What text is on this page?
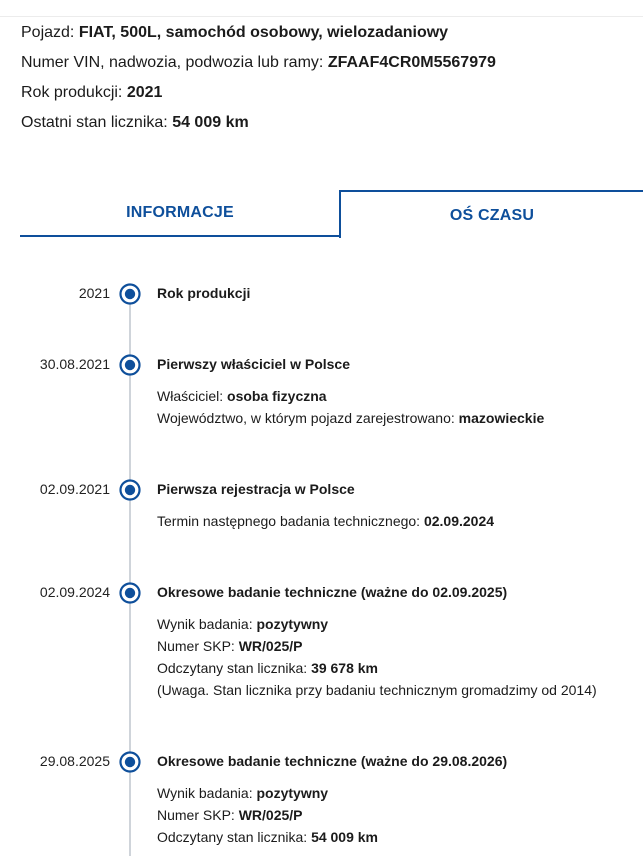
Pojazd: FIAT, 500L, samochód osobowy, wielozadaniowy
Numer VIN, nadwozia, podwozia lub ramy: ZFAAF4CR0M5567979
Rok produkcji: 2021
Ostatni stan licznika: 54 009 km
INFORMACJE	OŚ CZASU
2021	Rok produkcji
30.08.2021	Pierwszy właściciel w Polsce
Właściciel: osoba fizyczna
Województwo, w którym pojazd zarejestrowano: mazowieckie
02.09.2021	Pierwsza rejestracja w Polsce
Termin następnego badania technicznego: 02.09.2024
02.09.2024	Okresowe badanie techniczne (ważne do 02.09.2025)
Wynik badania: pozytywny
Numer SKP: WR/025/P
Odczytany stan licznika: 39 678 km
(Uwaga. Stan licznika przy badaniu technicznym gromadzimy od 2014)
29.08.2025	Okresowe badanie techniczne (ważne do 29.08.2026)
Wynik badania: pozytywny
Numer SKP: WR/025/P
Odczytany stan licznika: 54 009 km
